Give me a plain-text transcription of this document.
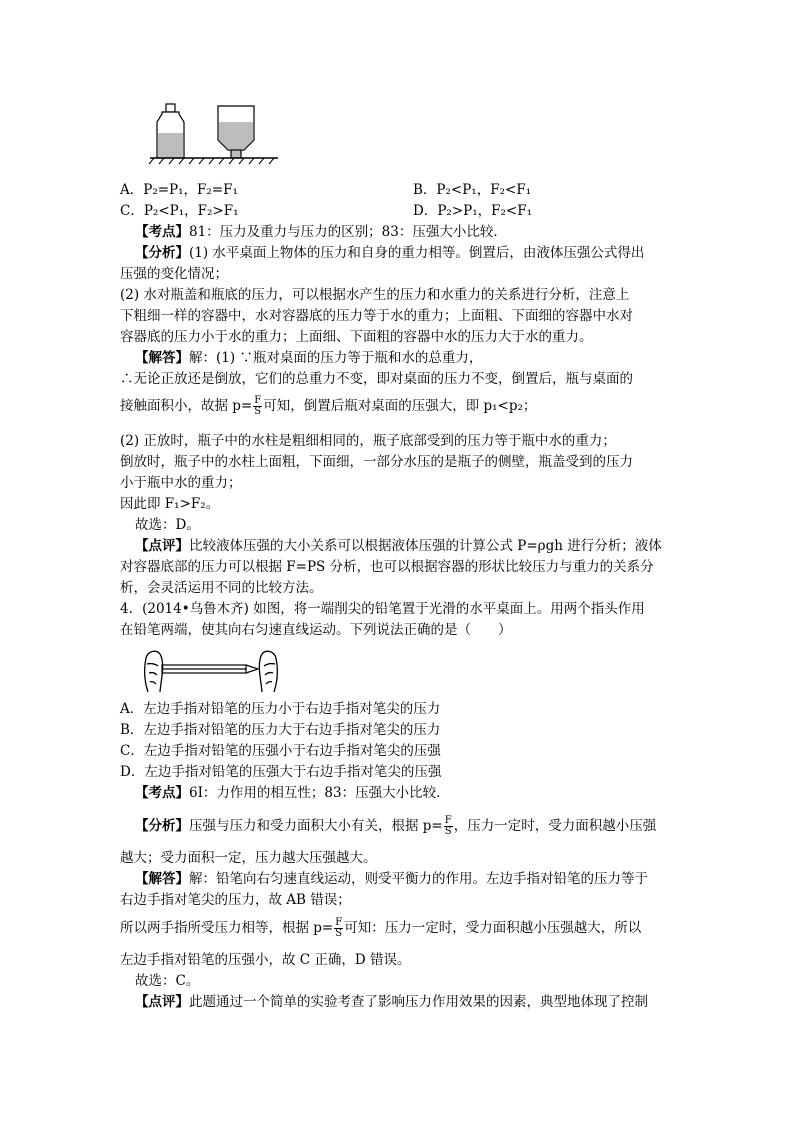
A．P₂=P₁，F₂=F₁	B．P₂<P₁，F₂<F₁
C．P₂<P₁，F₂>F₁	D．P₂>P₁，F₂<F₁
【考点】81：压力及重力与压力的区别；83：压强大小比较．
【分析】(1) 水平桌面上物体的压力和自身的重力相等。倒置后，由液体压强公式得出
压强的变化情况；
(2) 水对瓶盖和瓶底的压力，可以根据水产生的压力和水重力的关系进行分析，注意上
下粗细一样的容器中，水对容器底的压力等于水的重力；上面粗、下面细的容器中水对
容器底的压力小于水的重力；上面细、下面粗的容器中水的压力大于水的重力。
【解答】解：(1) ∵瓶对桌面的压力等于瓶和水的总重力，
∴无论正放还是倒放，它们的总重力不变，即对桌面的压力不变，倒置后，瓶与桌面的
接触面积小，故据 $p= \frac{F}{S}$ 可知，倒置后瓶对桌面的压强大，即 p₁<p₂；
(2) 正放时，瓶子中的水柱是粗细相同的，瓶子底部受到的压力等于瓶中水的重力；
倒放时，瓶子中的水柱上面粗，下面细，一部分水压的是瓶子的侧壁，瓶盖受到的压力
小于瓶中水的重力；
因此即 F₁>F₂。
故选：D。
【点评】比较液体压强的大小关系可以根据液体压强的计算公式 P=ρgh 进行分析；液体
对容器底部的压力可以根据 F=PS 分析，也可以根据容器的形状比较压力与重力的关系分
析，会灵活运用不同的比较方法。
4．(2014•乌鲁木齐) 如图，将一端削尖的铅笔置于光滑的水平桌面上。用两个指头作用
在铅笔两端，使其向右匀速直线运动。下列说法正确的是（　　）
A．左边手指对铅笔的压力小于右边手指对笔尖的压力
B．左边手指对铅笔的压力大于右边手指对笔尖的压力
C．左边手指对铅笔的压强小于右边手指对笔尖的压强
D．左边手指对铅笔的压强大于右边手指对笔尖的压强
【考点】6I：力作用的相互性；83：压强大小比较．
【分析】压强与压力和受力面积大小有关，根据 $p= \frac{F}{S}$ ，压力一定时，受力面积越小压强
越大；受力面积一定，压力越大压强越大。
【解答】解：铅笔向右匀速直线运动，则受平衡力的作用。左边手指对铅笔的压力等于
右边手指对笔尖的压力，故 AB 错误；
所以两手指所受压力相等，根据 $p= \frac{F}{S}$ 可知：压力一定时，受力面积越小压强越大，所以
左边手指对铅笔的压强小，故 C 正确，D 错误。
故选：C。
【点评】此题通过一个简单的实验考查了影响压力作用效果的因素，典型地体现了控制
